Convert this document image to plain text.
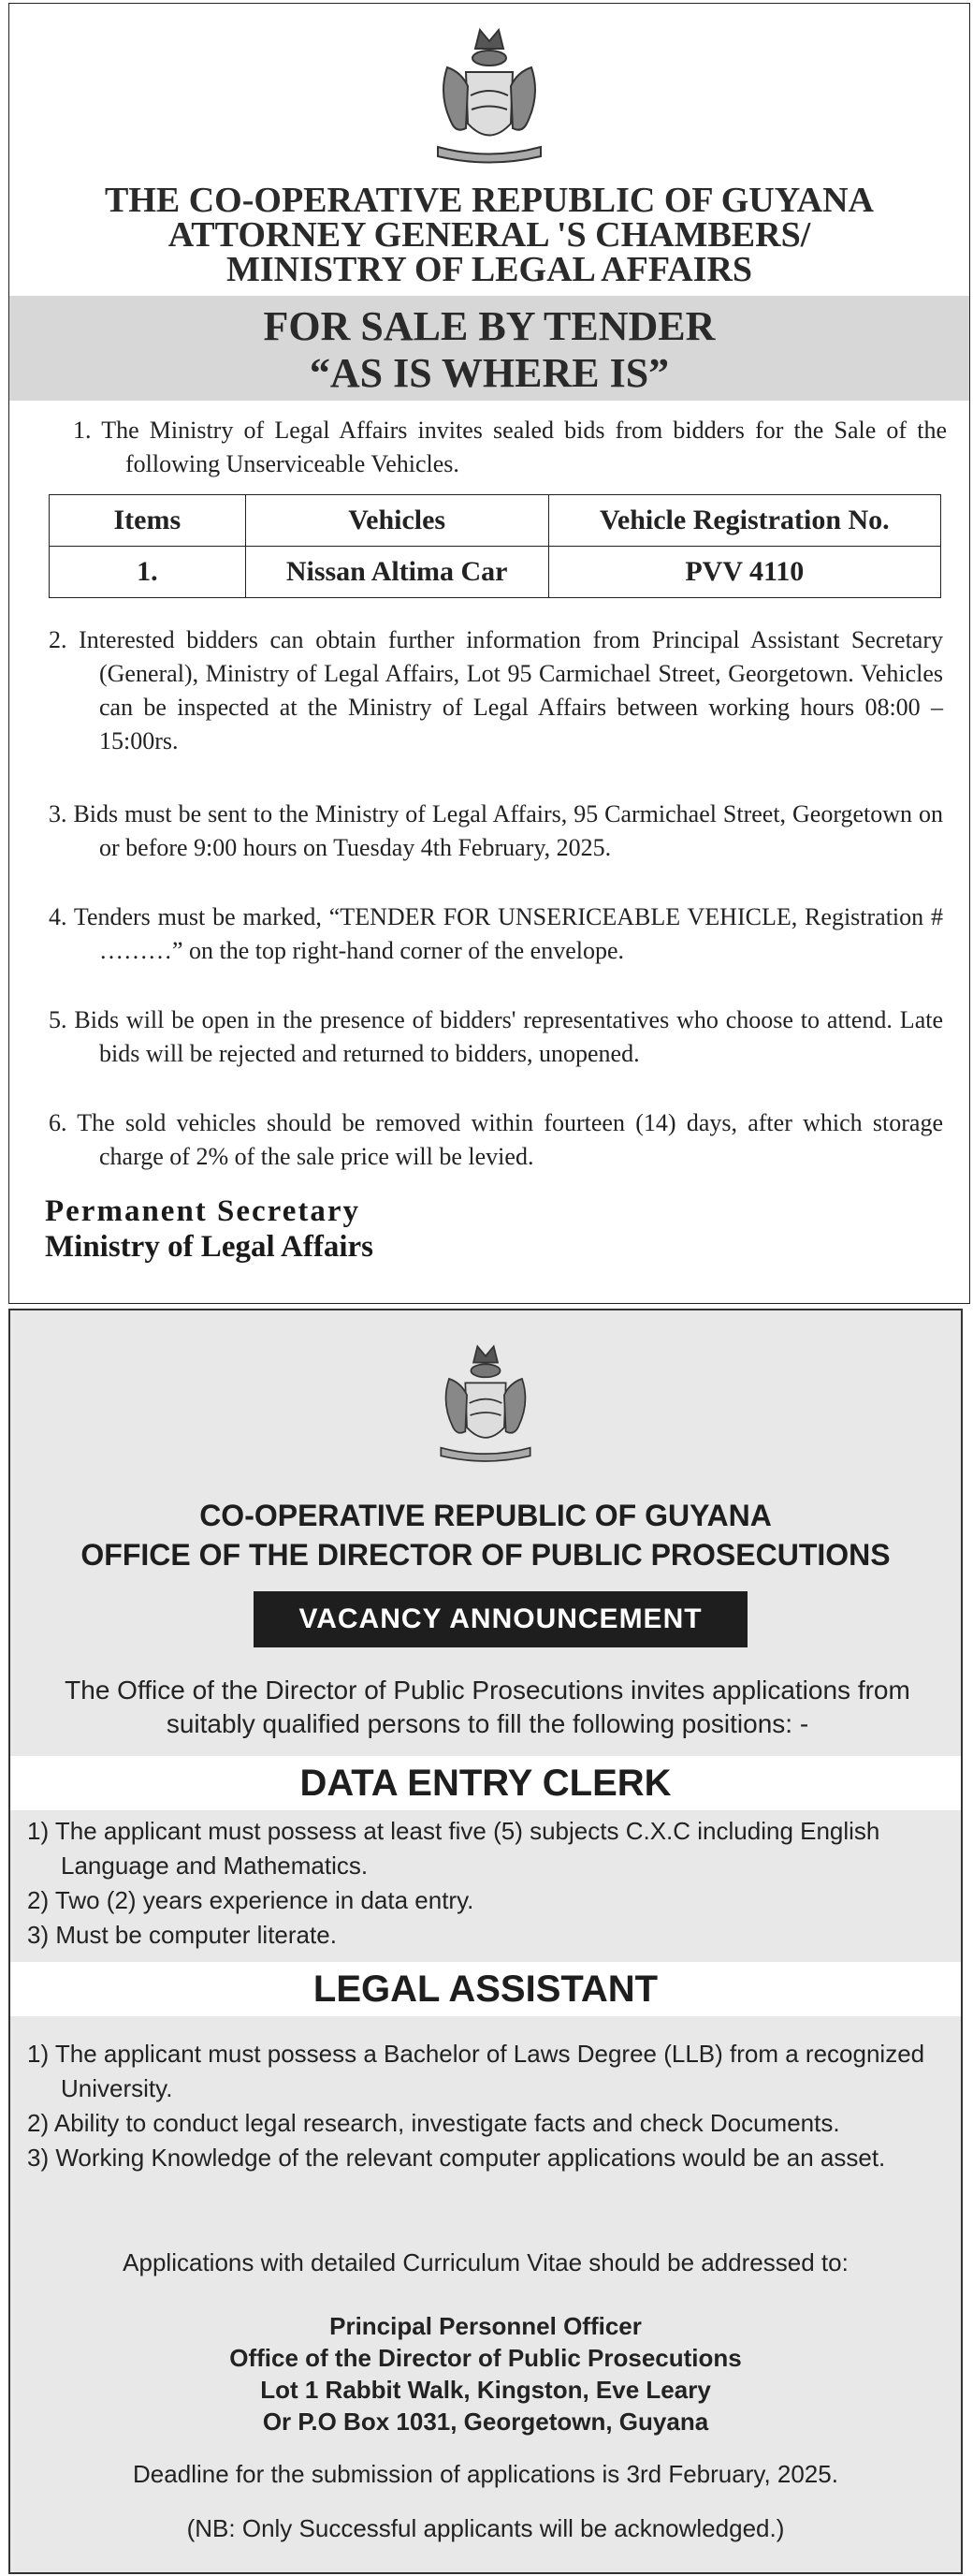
THE CO-OPERATIVE REPUBLIC OF GUYANA
ATTORNEY GENERAL 'S CHAMBERS/
MINISTRY OF LEGAL AFFAIRS
FOR SALE BY TENDER
“AS IS WHERE IS”
1. The Ministry of Legal Affairs invites sealed bids from bidders for the Sale of the following Unserviceable Vehicles.
Items	Vehicles	Vehicle Registration No.
1.	Nissan Altima Car	PVV 4110
2. Interested bidders can obtain further information from Principal Assistant Secretary (General), Ministry of Legal Affairs, Lot 95 Carmichael Street, Georgetown. Vehicles can be inspected at the Ministry of Legal Affairs between working hours 08:00 – 15:00rs.
3. Bids must be sent to the Ministry of Legal Affairs, 95 Carmichael Street, Georgetown on or before 9:00 hours on Tuesday 4th February, 2025.
4. Tenders must be marked, “TENDER FOR UNSERICEABLE VEHICLE, Registration # ………” on the top right-hand corner of the envelope.
5. Bids will be open in the presence of bidders' representatives who choose to attend. Late bids will be rejected and returned to bidders, unopened.
6. The sold vehicles should be removed within fourteen (14) days, after which storage charge of 2% of the sale price will be levied.
Permanent Secretary
Ministry of Legal Affairs
CO-OPERATIVE REPUBLIC OF GUYANA
OFFICE OF THE DIRECTOR OF PUBLIC PROSECUTIONS
VACANCY ANNOUNCEMENT
The Office of the Director of Public Prosecutions invites applications from suitably qualified persons to fill the following positions: -
DATA ENTRY CLERK
1) The applicant must possess at least five (5) subjects C.X.C including English Language and Mathematics.
2) Two (2) years experience in data entry.
3) Must be computer literate.
LEGAL ASSISTANT
1) The applicant must possess a Bachelor of Laws Degree (LLB) from a recognized University.
2) Ability to conduct legal research, investigate facts and check Documents.
3) Working Knowledge of the relevant computer applications would be an asset.
Applications with detailed Curriculum Vitae should be addressed to:
Principal Personnel Officer
Office of the Director of Public Prosecutions
Lot 1 Rabbit Walk, Kingston, Eve Leary
Or P.O Box 1031, Georgetown, Guyana
Deadline for the submission of applications is 3rd February, 2025.
(NB: Only Successful applicants will be acknowledged.)
